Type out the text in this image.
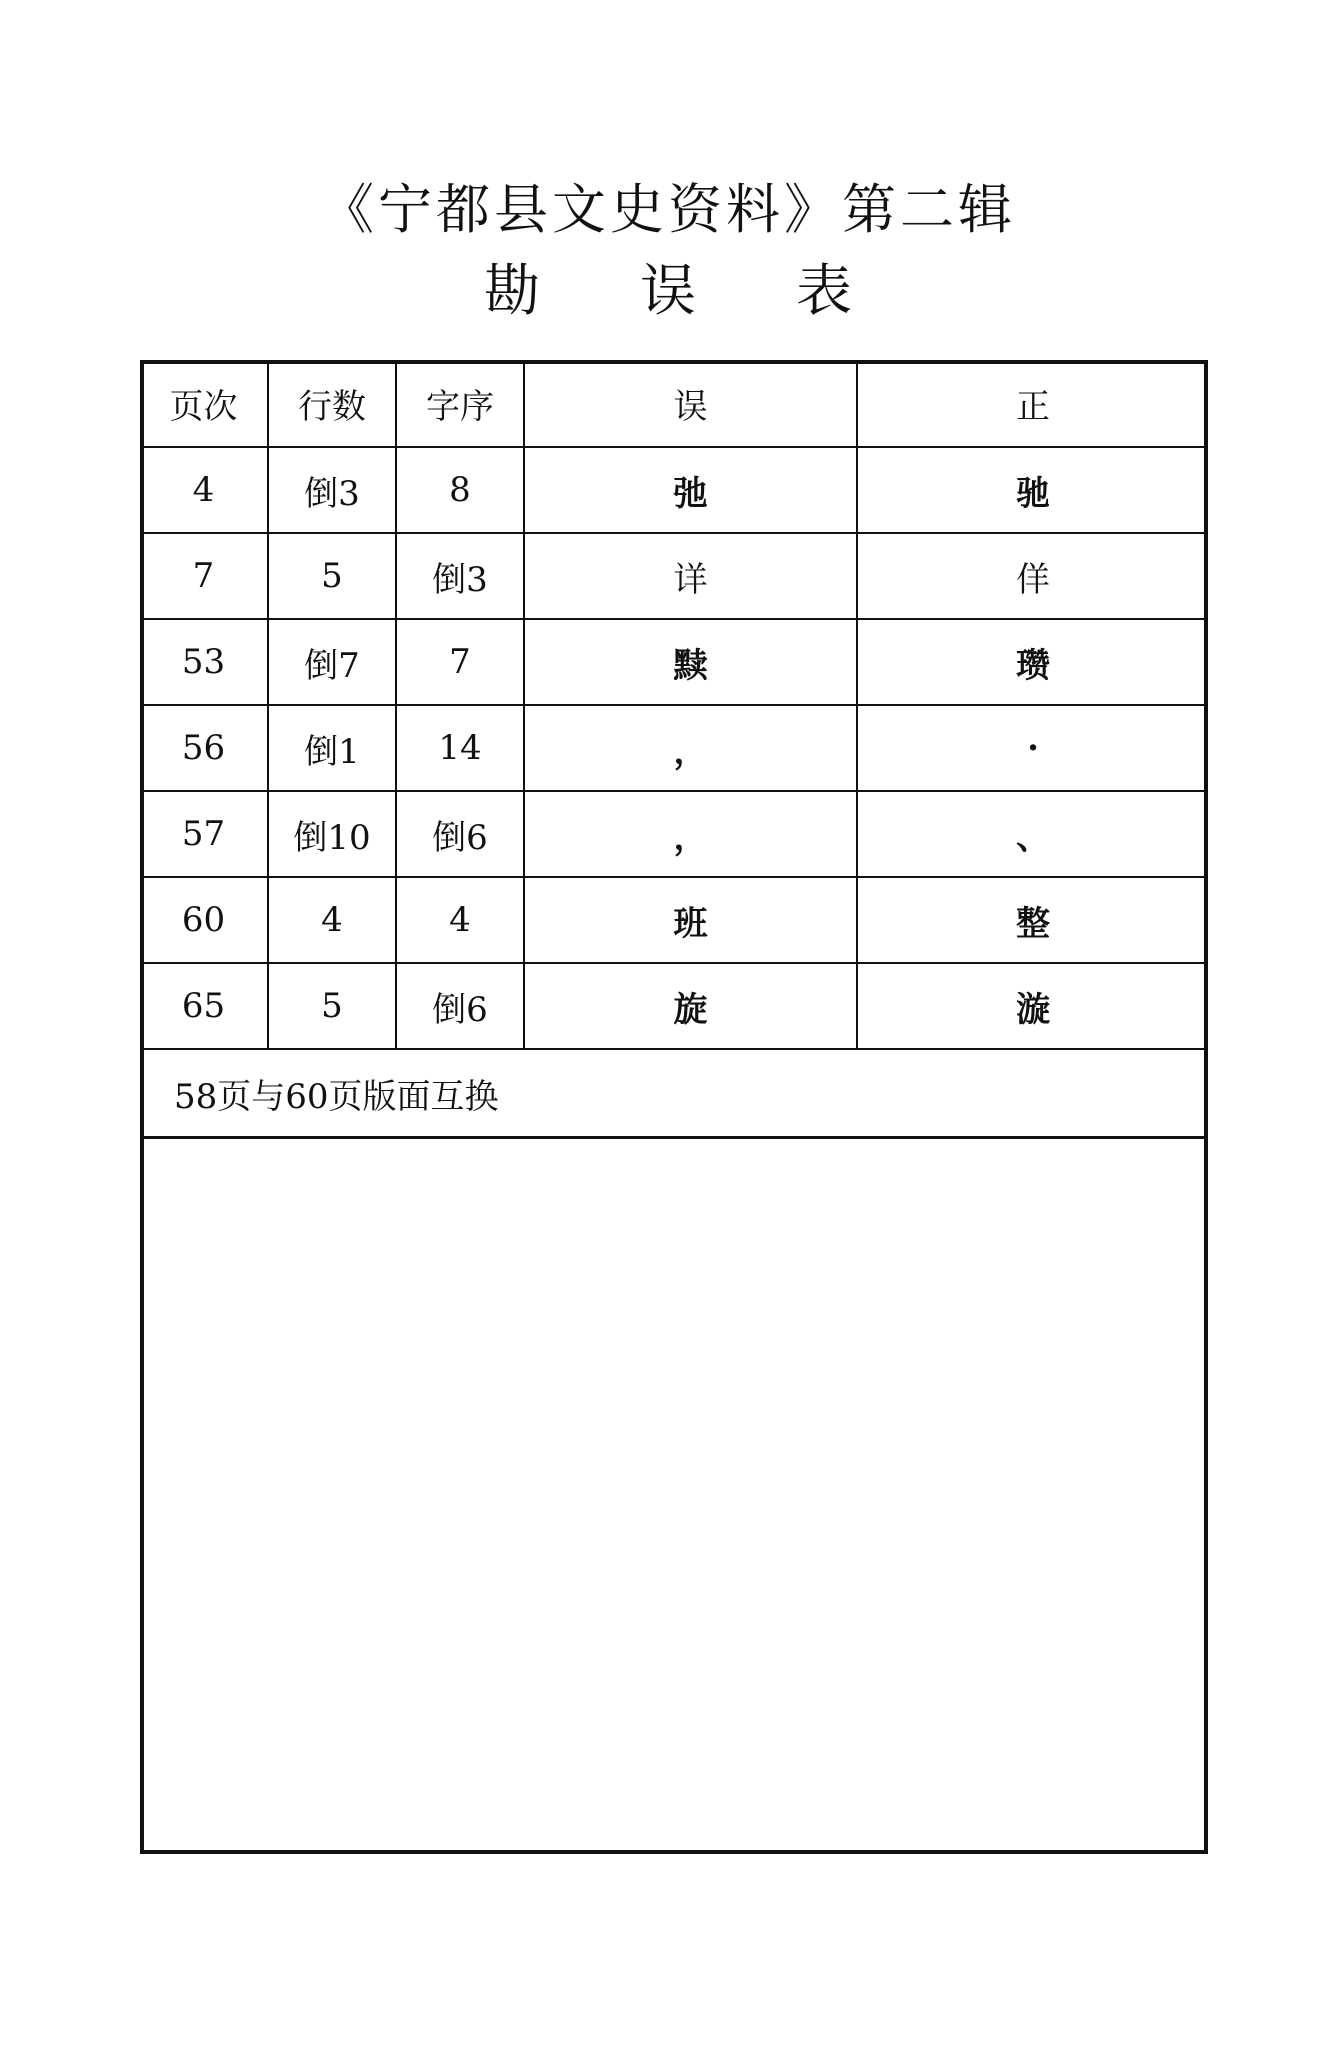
《宁都县文史资料》第二辑
勘误表
页次	行数	字序	误	正
4	倒3	8	弛	驰
7	5	倒3	详	佯
53	倒7	7	黩	瓒
56	倒1	14	，	·
57	倒10	倒6	，	、
60	4	4	班	整
65	5	倒6	旋	漩
58页与60页版面互换				
